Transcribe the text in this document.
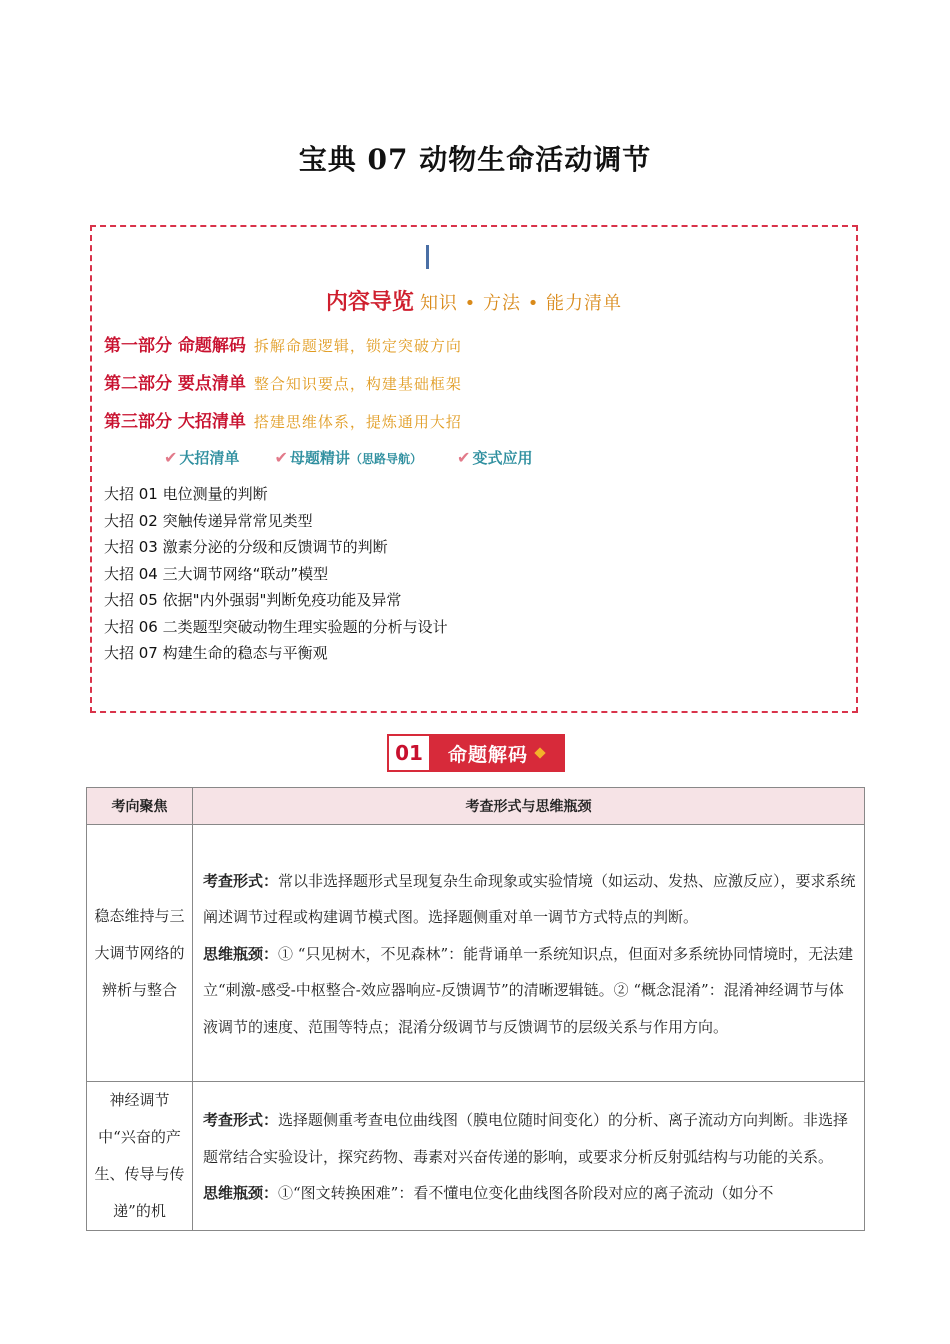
宝典 07 动物生命活动调节
内容导览 知识 • 方法 • 能力清单
第一部分 命题解码 拆解命题逻辑，锁定突破方向
第二部分 要点清单 整合知识要点，构建基础框架
第三部分 大招清单 搭建思维体系，提炼通用大招
✔ 大招清单 ✔ 母题精讲（思路导航） ✔ 变式应用
大招 01 电位测量的判断
大招 02 突触传递异常常见类型
大招 03 激素分泌的分级和反馈调节的判断
大招 04 三大调节网络“联动”模型
大招 05 依据"内外强弱"判断免疫功能及异常
大招 06 二类题型突破动物生理实验题的分析与设计
大招 07 构建生命的稳态与平衡观
01	命题解码
考向聚焦	考查形式与思维瓶颈
稳态维持与三大调节网络的辨析与整合	考查形式：常以非选择题形式呈现复杂生命现象或实验情境（如运动、发热、应激反应），要求系统阐述调节过程或构建调节模式图。选择题侧重对单一调节方式特点的判断。
思维瓶颈：① “只见树木，不见森林”：能背诵单一系统知识点，但面对多系统协同情境时，无法建立“刺激-感受-中枢整合-效应器响应-反馈调节”的清晰逻辑链。② “概念混淆”：混淆神经调节与体液调节的速度、范围等特点；混淆分级调节与反馈调节的层级关系与作用方向。

神经调节中“兴奋的产生、传导与传递”的机	考查形式：选择题侧重考查电位曲线图（膜电位随时间变化）的分析、离子流动方向判断。非选择题常结合实验设计，探究药物、毒素对兴奋传递的影响，或要求分析反射弧结构与功能的关系。
思维瓶颈：①“图文转换困难”：看不懂电位变化曲线图各阶段对应的离子流动（如分不
